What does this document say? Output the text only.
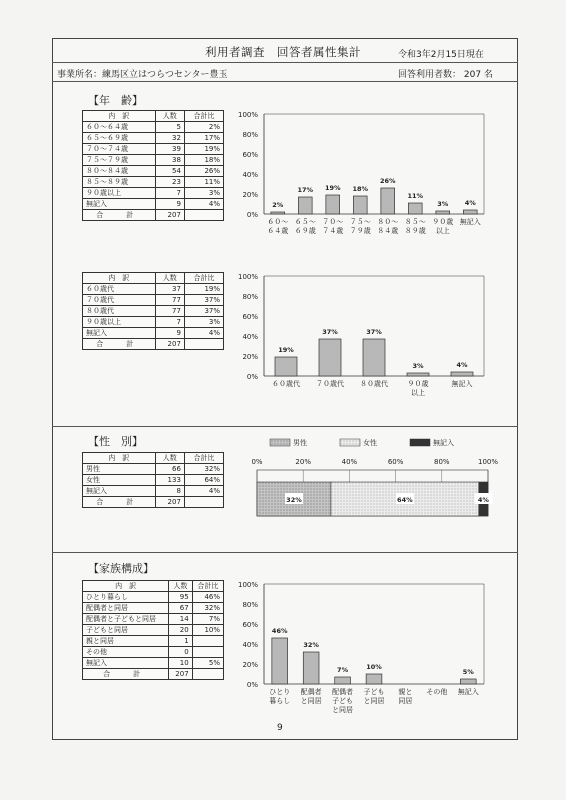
利用者調査　回答者属性集計	令和3年2月15日現在
事業所名：練馬区立はつらつセンター豊玉	回答利用者数： 207 名
【年　齢】
内　訳	人数	合計比
６０～６４歳	5	2%
６５～６９歳	32	17%
７０～７４歳	39	19%
７５～７９歳	38	18%
８０～８４歳	54	26%
８５～８９歳	23	11%
９０歳以上	7	3%
無記入	9	4%
合　計	207		0%
20%
40%
60%
80%
100%
2%
６０～
６４歳
17%
６５～
６９歳
19%
７０～
７４歳
18%
７５～
７９歳
26%
８０～
８４歳
11%
８５～
８９歳
3%
９０歳
以上
4%
無記入
内　訳	人数	合計比
６０歳代	37	19%
７０歳代	77	37%
８０歳代	77	37%
９０歳以上	7	3%
無記入	9	4%
合　計	207	
0%
20%
40%
60%
80%
100%
19%
６０歳代
37%
７０歳代
37%
８０歳代
3%
９０歳
以上
4%
無記入
【性　別】
内　訳	人数	合計比
男性	66	32%
女性	133	64%
無記入	8	4%
合　計	207	
男性	女性	無記入
0%	20%	40%	60%	80%	100%
32%	64%	4%
【家族構成】
内　訳	人数	合計比
ひとり暮らし	95	46%
配偶者と同居	67	32%
配偶者と子どもと同居	14	7%
子どもと同居	20	10%
親と同居	1	
その他	0	
無記入	10	5%
合　計	207	
0%
20%
40%
60%
80%
100%
46%
ひとり
暮らし
32%
配偶者
と同居
7%
配偶者
子ども
と同居
10%
子ども
と同居
親と
同居
その他
5%
無記入
9
